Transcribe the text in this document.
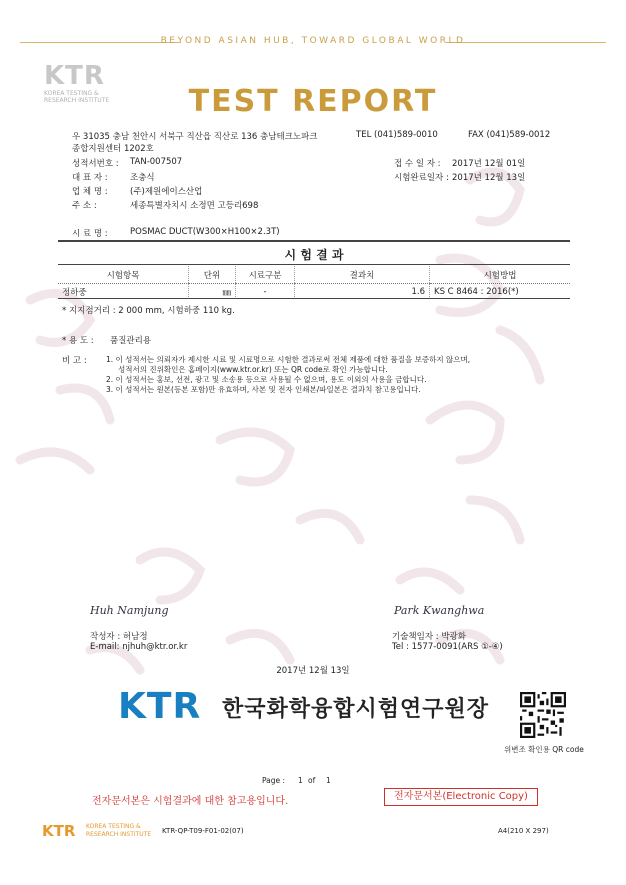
BEYOND ASIAN HUB, TOWARD GLOBAL WORLD
KTR
KOREA TESTING &
RESEARCH INSTITUTE	TEST REPORT
우 31035 충남 천안시 서북구 직산읍 직산로 136 충남테크노파크
종합지원센터 1202호
TEL (041)589-0010	FAX (041)589-0012
성적서번호 : TAN-007507
대 표 자 :	조충식
업 체 명 :	(주)제원에이스산업
주 소 :	세종특별자치시 소정면 고등리698
접 수 일 자 : 2017년 12월 01일
시험완료일자 : 2017년 12월 13일
시 료 명 :	POSMAC DUCT(W300×H100×2.3T)
시 험 결 과
시험항목	단위	시료구분	결과치	시험방법
정하중	㎜	-	1.6	KS C 8464 : 2016(*)
* 지지점거리 : 2 000 mm, 시험하중 110 kg.
* 용 도 : 품질관리용
비 고 :	1. 이 성적서는 의뢰자가 제시한 시료 및 시료명으로 시험한 결과로써 전체 제품에 대한 품질을 보증하지 않으며,
성적서의 진위확인은 홈페이지(www.ktr.or.kr) 또는 QR code로 확인 가능합니다.
2. 이 성적서는 홍보, 선전, 광고 및 소송용 등으로 사용될 수 없으며, 용도 이외의 사용을 금합니다.
3. 이 성적서는 원본(등본 포함)만 유효하며, 사본 및 전자 인쇄본/파일본은 결과치 참고용입니다.
Huh Namjung
작성자 : 허남정
E-mail: njhuh@ktr.or.kr
Park Kwanghwa
기술책임자 : 박광화
Tel : 1577-0091(ARS ①-④)
2017년 12월 13일
KTR 한국화학융합시험연구원장
위변조 확인용 QR code
Page : 1 of 1
전자문서본은 시험결과에 대한 참고용입니다.	전자문서본(Electronic Copy)
KTR KOREA TESTING &
RESEARCH INSTITUTE KTR-QP-T09-F01-02(07)	A4(210 X 297)
